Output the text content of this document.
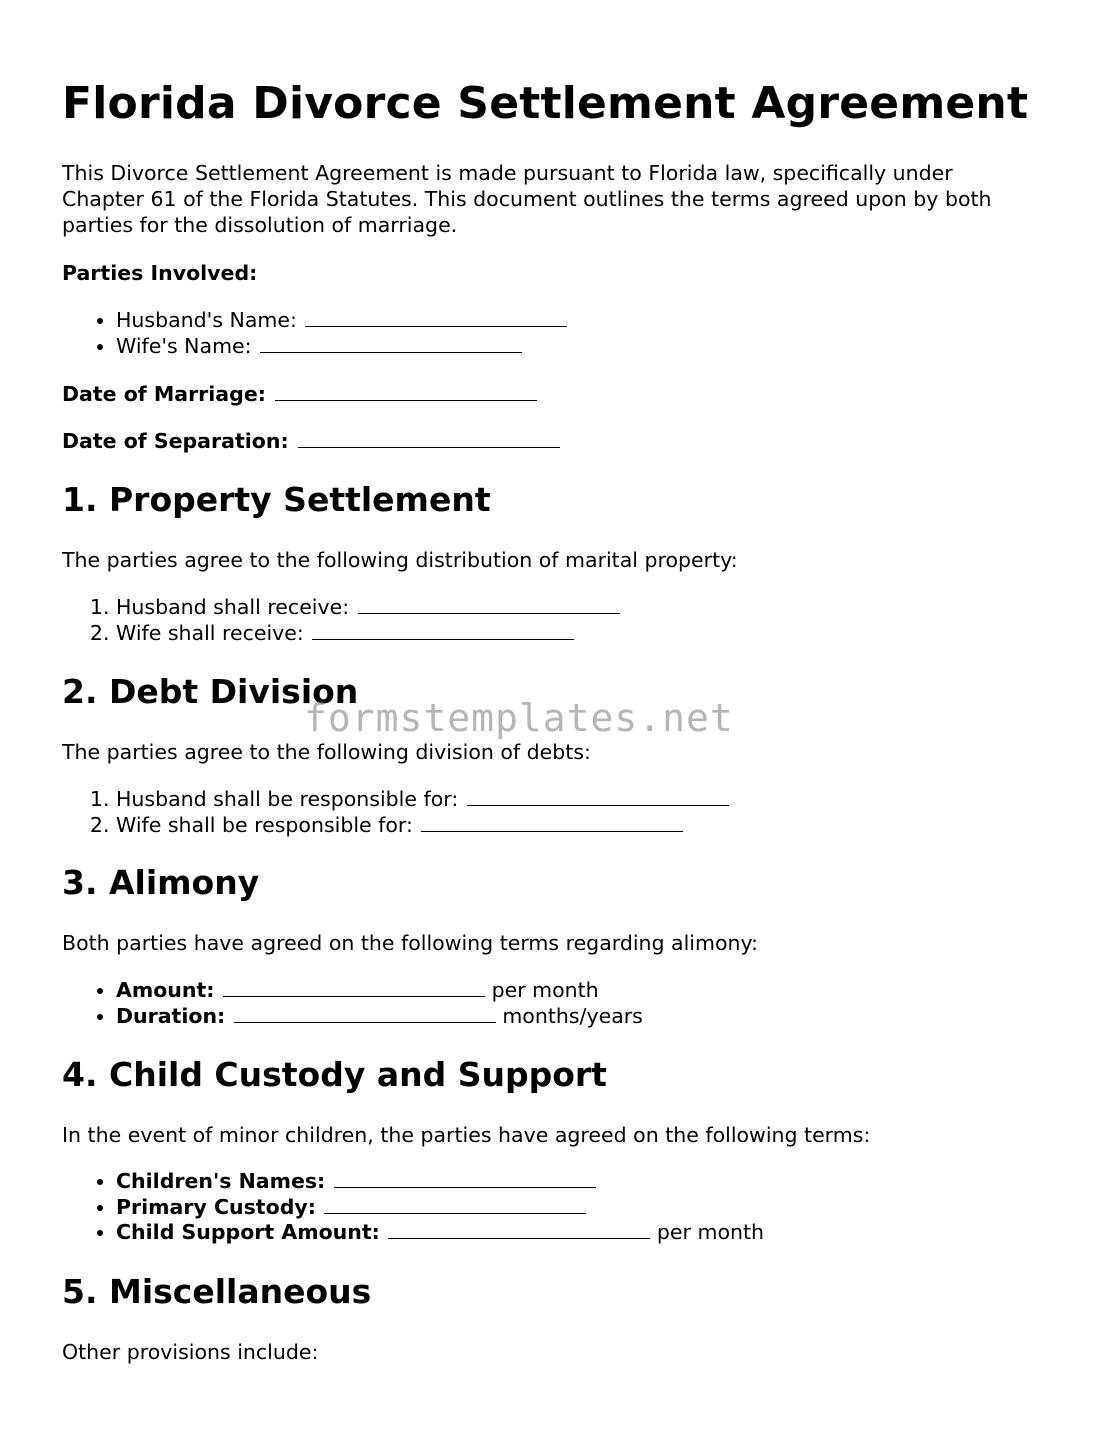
Florida Divorce Settlement Agreement

This Divorce Settlement Agreement is made pursuant to Florida law, specifically under

Chapter 61 of the Florida Statutes. This document outlines the terms agreed upon by both

parties for the dissolution of marriage.

Parties Involved:
• Husband's Name:
• Wife's Name:
Date of Marriage:
Date of Separation:
1. Property Settlement

The parties agree to the following distribution of marital property:

1. Husband shall receive:
2. Wife shall receive:
2. Debt Division

The parties agree to the following division of debts:

1. Husband shall be responsible for:
2. Wife shall be responsible for:
3. Alimony

Both parties have agreed on the following terms regarding alimony:

• Amount:	per month
• Duration:	months/years
4. Child Custody and Support

In the event of minor children, the parties have agreed on the following terms:

• Children's Names:
• Primary Custody:
• Child Support Amount:	per month
5. Miscellaneous

Other provisions include:

formstemplates.net
